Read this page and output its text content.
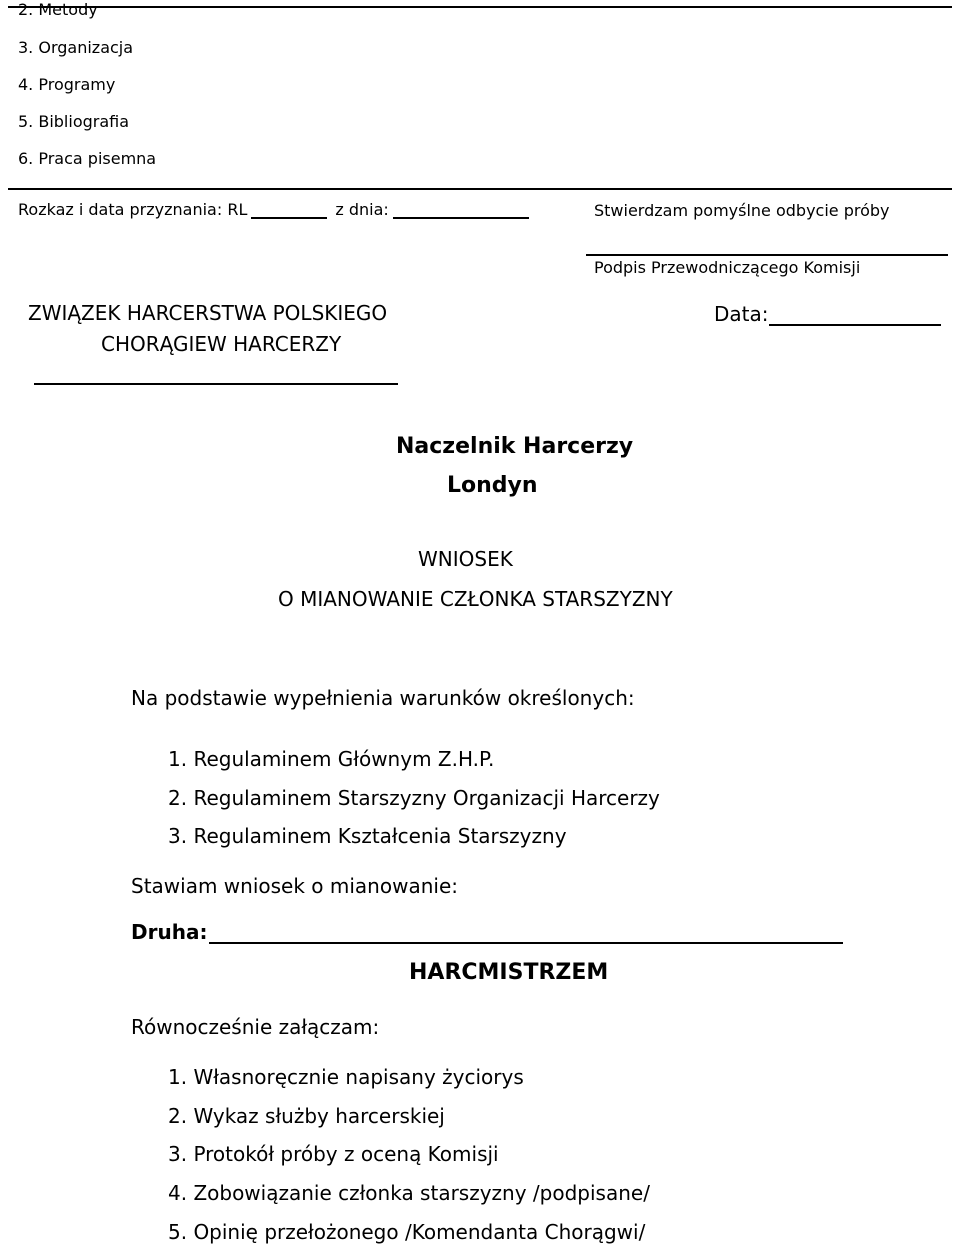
2. Metody
3. Organizacja
4. Programy
5. Bibliografia
6. Praca pisemna
Rozkaz i data przyznania: RL	z dnia:	Stwierdzam pomyślne odbycie próby
Podpis Przewodniczącego Komisji
ZWIĄZEK HARCERSTWA POLSKIEGO
CHORĄGIEW HARCERZY
Data:
Naczelnik Harcerzy
Londyn
WNIOSEK
O MIANOWANIE CZŁONKA STARSZYZNY
Na podstawie wypełnienia warunków określonych:
1. Regulaminem Głównym Z.H.P.
2. Regulaminem Starszyzny Organizacji Harcerzy
3. Regulaminem Kształcenia Starszyzny
Stawiam wniosek o mianowanie:
Druha:
HARCMISTRZEM
Równocześnie załączam:
1. Własnoręcznie napisany życiorys
2. Wykaz służby harcerskiej
3. Protokół próby z oceną Komisji
4. Zobowiązanie członka starszyzny /podpisane/
5. Opinię przełożonego /Komendanta Chorągwi/
